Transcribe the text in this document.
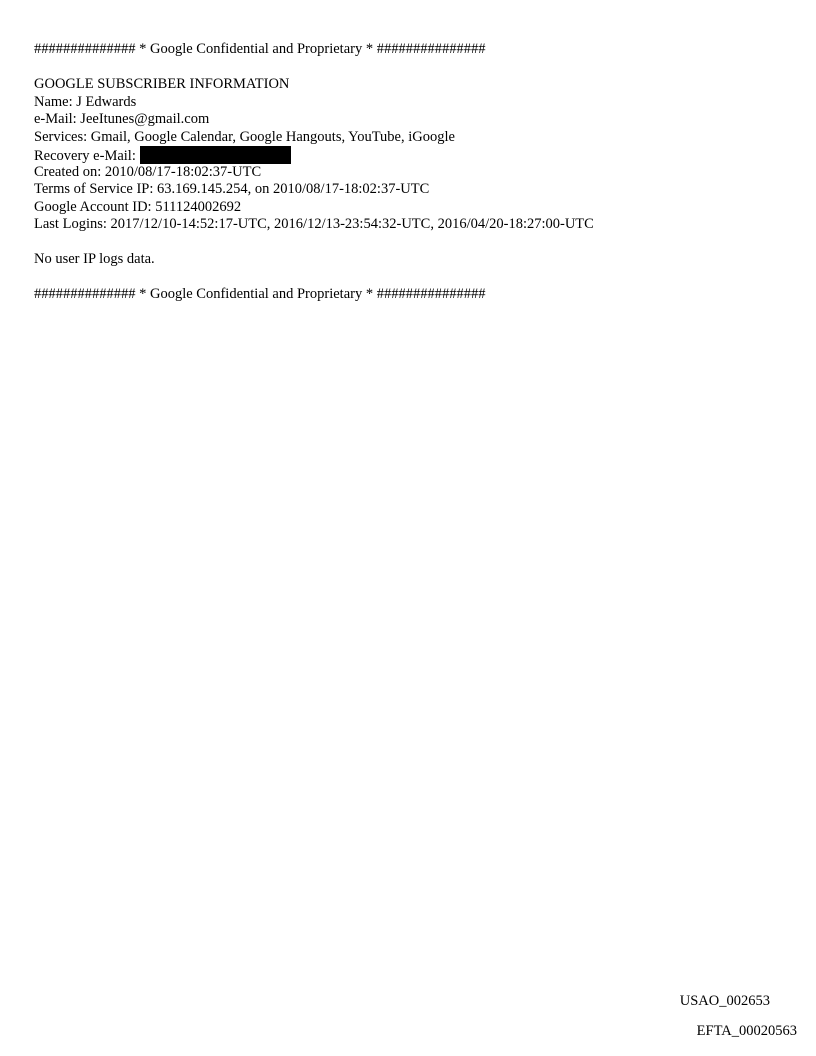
############## * Google Confidential and Proprietary * ###############
GOOGLE SUBSCRIBER INFORMATION
Name: J Edwards
e-Mail: JeeItunes@gmail.com
Services: Gmail, Google Calendar, Google Hangouts, YouTube, iGoogle
Recovery e-Mail:
Created on: 2010/08/17-18:02:37-UTC
Terms of Service IP: 63.169.145.254, on 2010/08/17-18:02:37-UTC
Google Account ID: 511124002692
Last Logins: 2017/12/10-14:52:17-UTC, 2016/12/13-23:54:32-UTC, 2016/04/20-18:27:00-UTC
No user IP logs data.
############## * Google Confidential and Proprietary * ###############
USAO_002653
EFTA_00020563
